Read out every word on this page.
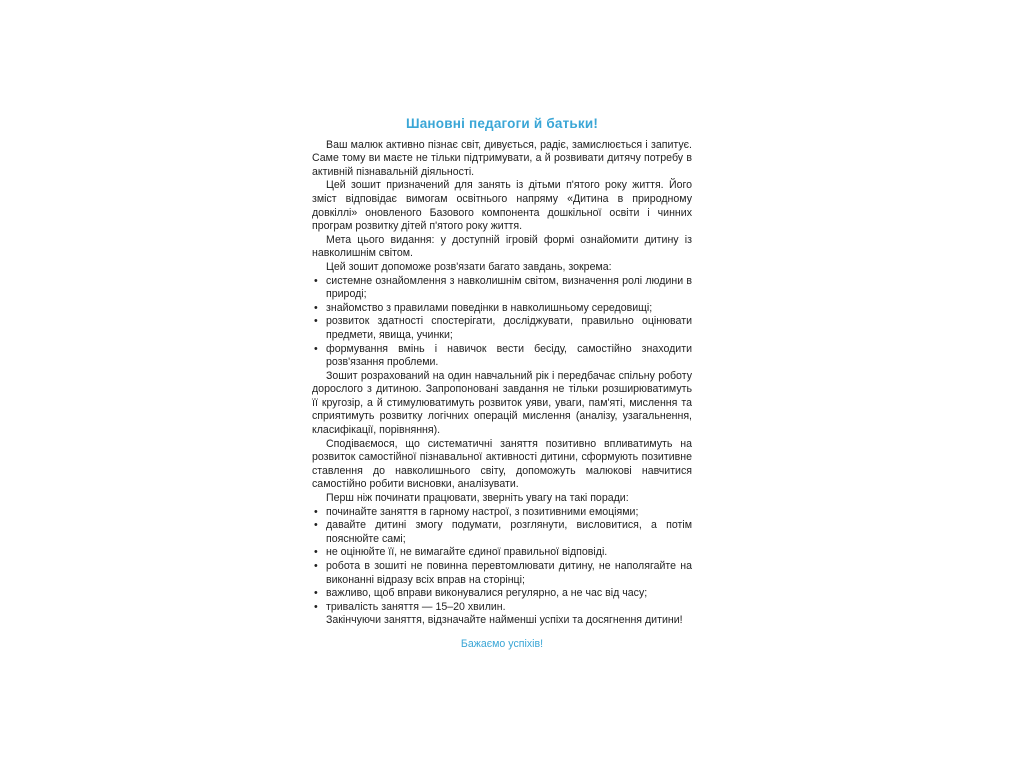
Шановні педагоги й батьки!

Ваш малюк активно пізнає світ, дивується, радіє, замислюється і запитує. Саме тому ви маєте не тільки підтримувати, а й розвивати дитячу потребу в активній пізнавальній діяльності.

Цей зошит призначений для занять із дітьми п'ятого року життя. Його зміст відповідає вимогам освітнього напряму «Дитина в природному довкіллі» оновленого Базового компонента дошкільної освіти і чинних програм розвитку дітей п'ятого року життя.

Мета цього видання: у доступній ігровій формі ознайомити дитину із навколишнім світом.

Цей зошит допоможе розв'язати багато завдань, зокрема:

• системне ознайомлення з навколишнім світом, визначення ролі людини в природі;
• знайомство з правилами поведінки в навколишньому середовищі;
• розвиток здатності спостерігати, досліджувати, правильно оцінювати предмети, явища, учинки;
• формування вмінь і навичок вести бесіду, самостійно знаходити розв'язання проблеми.

Зошит розрахований на один навчальний рік і передбачає спільну роботу дорослого з дитиною. Запропоновані завдання не тільки розширюватимуть її кругозір, а й стимулюватимуть розвиток уяви, уваги, пам'яті, мислення та сприятимуть розвитку логічних операцій мислення (аналізу, узагальнення, класифікації, порівняння).

Сподіваємося, що систематичні заняття позитивно впливатимуть на розвиток самостійної пізнавальної активності дитини, сформують позитивне ставлення до навколишнього світу, допоможуть малюкові навчитися самостійно робити висновки, аналізувати.

Перш ніж починати працювати, зверніть увагу на такі поради:

• починайте заняття в гарному настрої, з позитивними емоціями;
• давайте дитині змогу подумати, розглянути, висловитися, а потім пояснюйте самі;
• не оцінюйте її, не вимагайте єдиної правильної відповіді.
• робота в зошиті не повинна перевтомлювати дитину, не наполягайте на виконанні відразу всіх вправ на сторінці;
• важливо, щоб вправи виконувалися регулярно, а не час від часу;
• тривалість заняття — 15–20 хвилин.

Закінчуючи заняття, відзначайте найменші успіхи та досягнення дитини!

Бажаємо успіхів!
